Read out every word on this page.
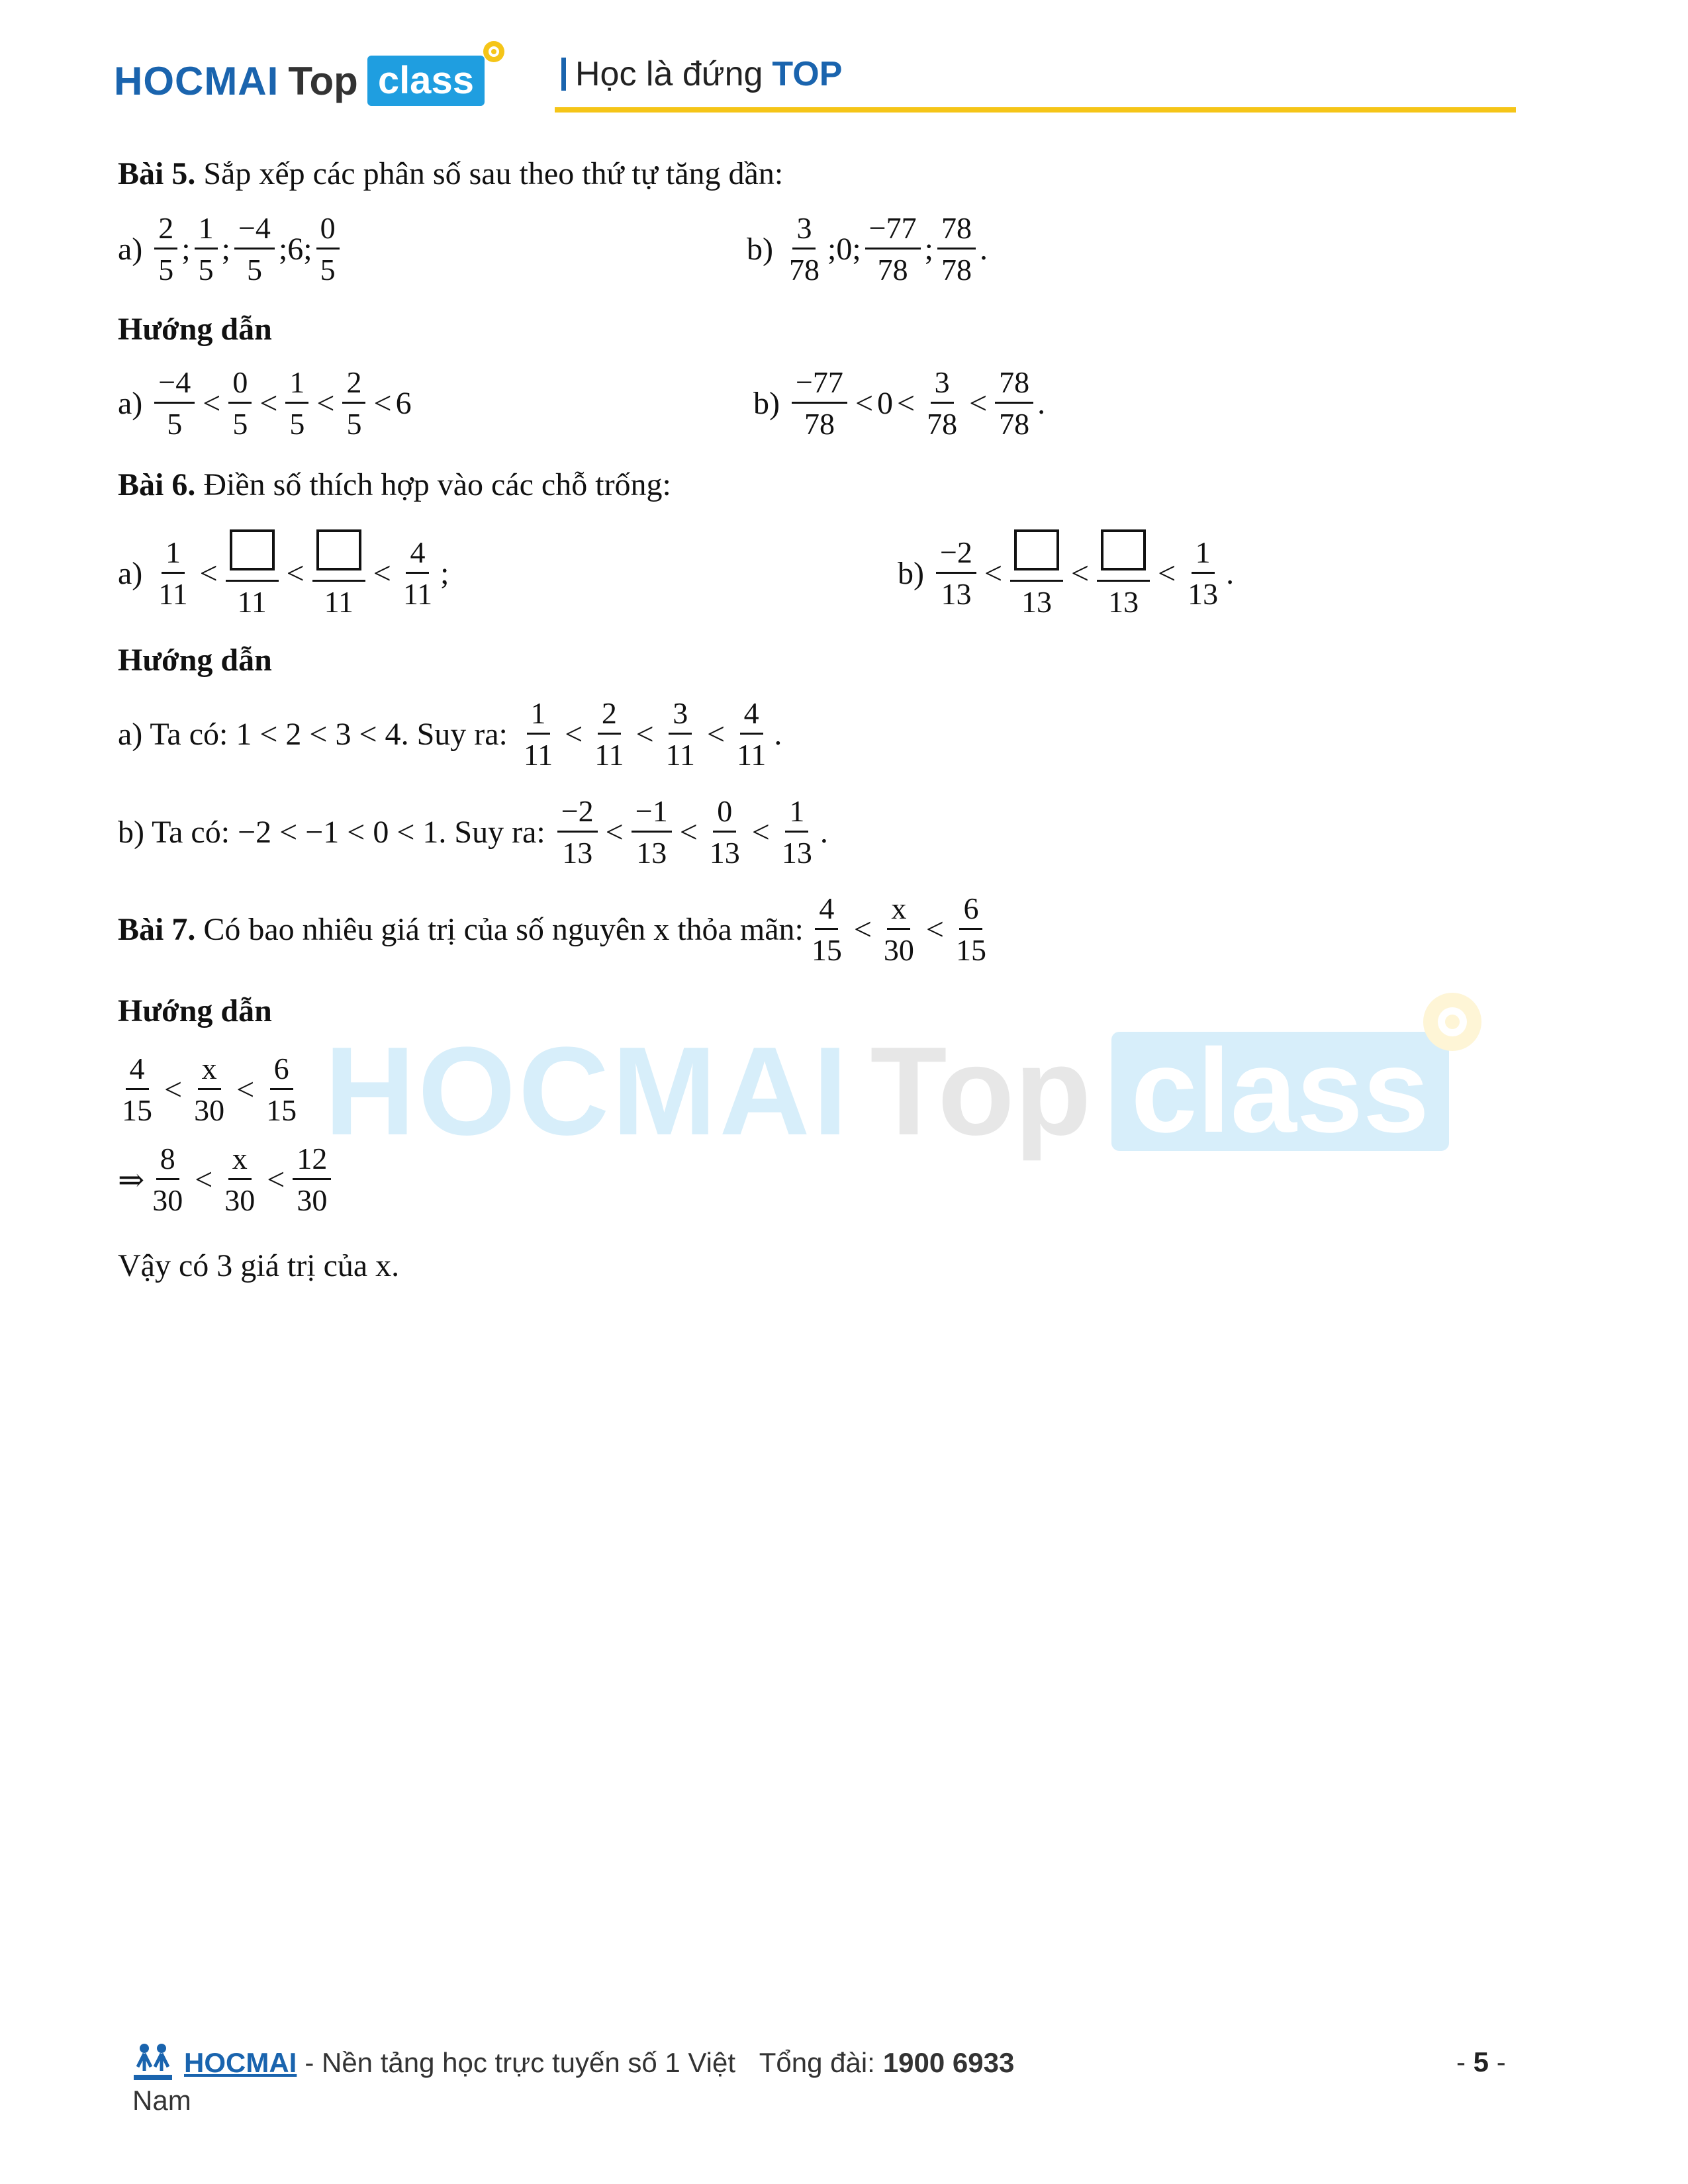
HOCMAI Top class	Học là đứng TOP
HOCMAI Top class
Bài 5.
Sắp xếp các phân số sau theo thứ tự tăng dần:
a)
$\frac{2}{5}$ ; $\frac{1}{5}$ ; $\frac{-4}{5}$ ; 6 ; $\frac{0}{5}$	b)
$\frac{3}{78}$ ; 0 ; $\frac{-77}{78}$ ; $\frac{78}{78}$ .
Hướng dẫn
a)
$\frac{-4}{5} < \frac{0}{5} < \frac{1}{5} < \frac{2}{5} < 6$	b)
$\frac{-77}{78} < 0 < \frac{3}{78} < \frac{78}{78}$ .
Bài 6.
Điền số thích hợp vào các chỗ trống:
a)
$\frac{1}{11}$ <
11
<
11
< $\frac{4}{11}$ ;	b)
$\frac{-2}{13}$ <
13
<
13
< $\frac{1}{13}$ .
Hướng dẫn
a) Ta có:
1 < 2 < 3 < 4 . Suy ra:
$\frac{1}{11} < \frac{2}{11} < \frac{3}{11} < \frac{4}{11}$ .
b) Ta có:
−2 < −1 < 0 < 1 . Suy ra:
$\frac{-2}{13} < \frac{-1}{13} < \frac{0}{13} < \frac{1}{13}$ .
Bài 7.
Có bao nhiêu giá trị của số nguyên x thỏa mãn: $\frac{4}{15} < \frac{x}{30} < \frac{6}{15}$
Hướng dẫn
$\frac{4}{15} < \frac{x}{30} < \frac{6}{15}$
⇒ $\frac{8}{30} < \frac{x}{30} < \frac{12}{30}$
Vậy có 3 giá trị của x.
HOCMAI - Nền tảng học trực tuyến số 1 Việt
Tổng đài: 1900 6933
Nam
- 5 -
